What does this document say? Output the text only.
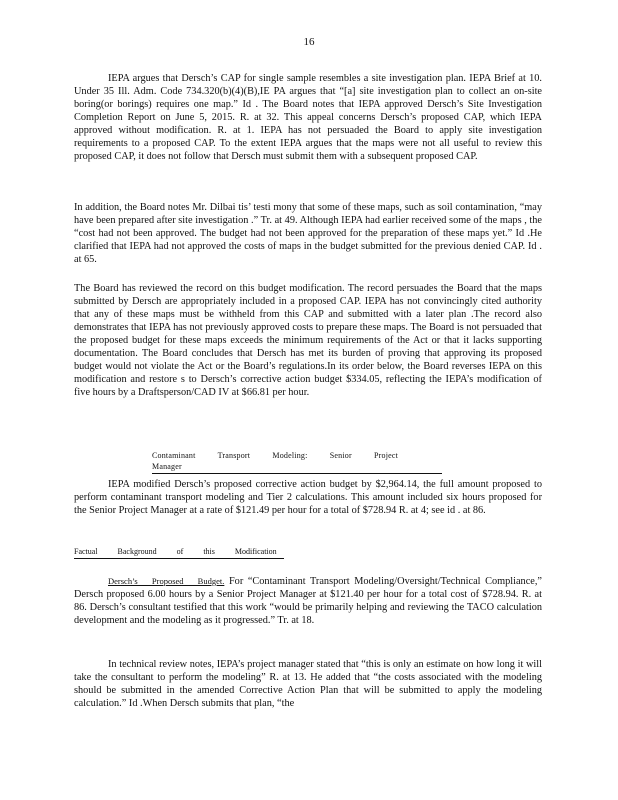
16
IEPA argues that Dersch’s CAP for single sample resembles a site investigation plan. IEPA Brief at 10. Under 35 Ill. Adm. Code 734.320(b)(4)(B),IE PA argues that “[a] site investigation plan to collect an on-site boring(or borings) requires one map.” Id . The Board notes that IEPA approved Dersch’s Site Investigation Completion Report on June 5, 2015. R. at 32. This appeal concerns Dersch’s proposed CAP, which IEPA approved without modification. R. at 1. IEPA has not persuaded the Board to apply site investigation requirements to a proposed CAP. To the extent IEPA argues that the maps were not all useful to review this proposed CAP, it does not follow that Dersch must submit them with a subsequent proposed CAP.
In addition, the Board notes Mr. Dilbai tis’ testi mony that some of these maps, such as soil contamination, “may have been prepared after site investigation .” Tr. at 49. Although IEPA had earlier received some of the maps , the “cost had not been approved. The budget had not been approved for the preparation of these maps yet.” Id .He clarified that IEPA had not approved the costs of maps in the budget submitted for the previous denied CAP. Id . at 65.
The Board has reviewed the record on this budget modification. The record persuades the Board that the maps submitted by Dersch are appropriately included in a proposed CAP. IEPA has not convincingly cited authority that any of these maps must be withheld from this CAP and submitted with a later plan .The record also demonstrates that IEPA has not previously approved costs to prepare these maps. The Board is not persuaded that the proposed budget for these maps exceeds the minimum requirements of the Act or that it lacks supporting documentation. The Board concludes that Dersch has met its burden of proving that approving its proposed budget would not violate the Act or the Board’s regulations.In its order below, the Board reverses IEPA on this modification and restore s to Dersch’s corrective action budget $334.05, reflecting the IEPA’s modification of five hours by a Draftsperson/CAD IV at $66.81 per hour.
Contaminant Transport Modeling: Senior Project Manager
IEPA modified Dersch’s proposed corrective action budget by $2,964.14, the full amount proposed to perform contaminant transport modeling and Tier 2 calculations. This amount included six hours proposed for the Senior Project Manager at a rate of $121.49 per hour for a total of $728.94 R. at 4; see id . at 86.
Factual Background of this Modification
Dersch’s Proposed Budget. For “Contaminant Transport Modeling/Oversight/Technical Compliance,” Dersch proposed 6.00 hours by a Senior Project Manager at $121.40 per hour for a total cost of $728.94. R. at 86. Dersch’s consultant testified that this work “would be primarily helping and reviewing the TACO calculation development and the modeling as it progressed.” Tr. at 18.
In technical review notes, IEPA’s project manager stated that “this is only an estimate on how long it will take the consultant to perform the modeling” R. at 13. He added that “the costs associated with the modeling should be submitted in the amended Corrective Action Plan that will be submitted to apply the modeling calculation.” Id .When Dersch submits that plan, “the
